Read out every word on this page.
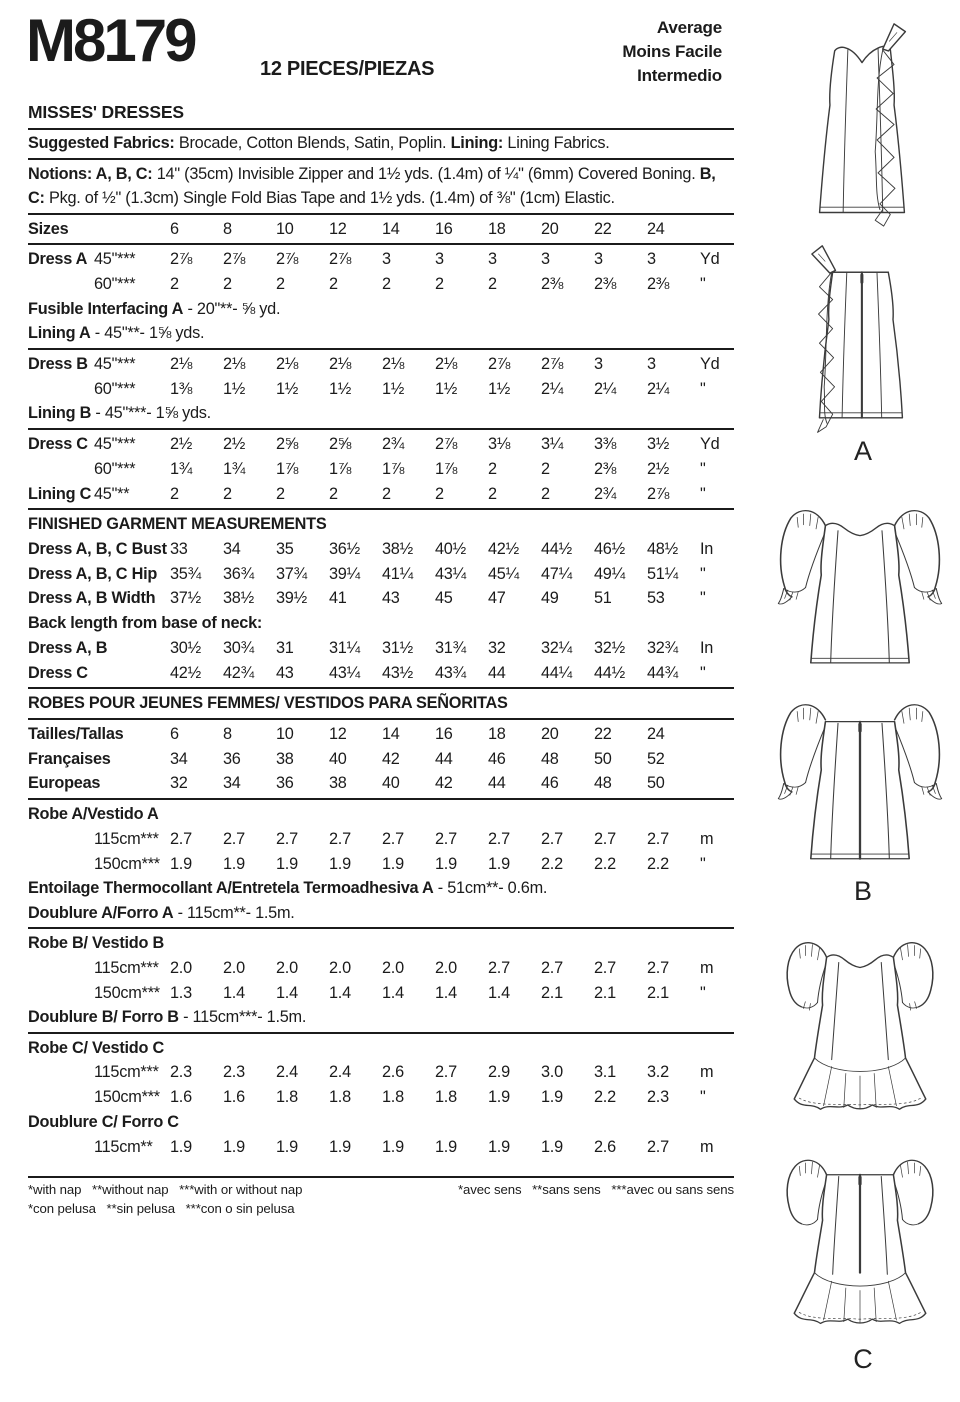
M8179	12 PIECES/PIEZAS
Average
Moins Facile
Intermedio
MISSES' DRESSES
Suggested Fabrics: Brocade, Cotton Blends, Satin, Poplin. Lining: Lining Fabrics.
Notions: A, B, C: 14" (35cm) Invisible Zipper and 1½ yds. (1.4m) of ¼" (6mm) Covered Boning. B, C: Pkg. of ½" (1.3cm) Single Fold Bias Tape and 1½ yds. (1.4m) of ⅜" (1cm) Elastic.
Sizes	6	8	10	12	14	16	18	20	22	24
Dress A 45"***	2⅞	2⅞	2⅞	2⅞	3	3	3	3	3	3	Yd
60"***	2	2	2	2	2	2	2	2⅜	2⅜	2⅜	"
Fusible Interfacing A - 20"**- ⅝ yd.
Lining A - 45"**- 1⅝ yds.
Dress B 45"***	2⅛	2⅛	2⅛	2⅛	2⅛	2⅛	2⅞	2⅞	3	3	Yd
60"***	1⅜	1½	1½	1½	1½	1½	1½	2¼	2¼	2¼	"
Lining B - 45"***- 1⅝ yds.
Dress C 45"***	2½	2½	2⅝	2⅝	2¾	2⅞	3⅛	3¼	3⅜	3½	Yd
60"***	1¾	1¾	1⅞	1⅞	1⅞	1⅞	2	2	2⅜	2½	"
Lining C 45"**	2	2	2	2	2	2	2	2	2¾	2⅞	"
FINISHED GARMENT MEASUREMENTS
Dress A, B, C Bust 33	34	35	36½	38½	40½	42½	44½	46½	48½	In
Dress A, B, C Hip 35¾	36¾	37¾	39¼	41¼	43¼	45¼	47¼	49¼	51¼	"
Dress A, B Width 37½	38½	39½	41	43	45	47	49	51	53	"
Back length from base of neck:
Dress A, B	30½	30¾	31	31¼	31½	31¾	32	32¼	32½	32¾	In
Dress C	42½	42¾	43	43¼	43½	43¾	44	44¼	44½	44¾	"
ROBES POUR JEUNES FEMMES/ VESTIDOS PARA SEÑORITAS
Tailles/Tallas	6	8	10	12	14	16	18	20	22	24
Françaises	34	36	38	40	42	44	46	48	50	52
Europeas	32	34	36	38	40	42	44	46	48	50
Robe A/Vestido A
115cm*** 2.7	2.7	2.7	2.7	2.7	2.7	2.7	2.7	2.7	2.7	m
150cm*** 1.9	1.9	1.9	1.9	1.9	1.9	1.9	2.2	2.2	2.2	"
Entoilage Thermocollant A/Entretela Termoadhesiva A - 51cm**- 0.6m.
Doublure A/Forro A - 115cm**- 1.5m.
Robe B/ Vestido B
115cm*** 2.0	2.0	2.0	2.0	2.0	2.0	2.7	2.7	2.7	2.7	m
150cm*** 1.3	1.4	1.4	1.4	1.4	1.4	1.4	2.1	2.1	2.1	"
Doublure B/ Forro B - 115cm***- 1.5m.
Robe C/ Vestido C
115cm*** 2.3	2.3	2.4	2.4	2.6	2.7	2.9	3.0	3.1	3.2	m
150cm*** 1.6	1.6	1.8	1.8	1.8	1.8	1.9	1.9	2.2	2.3	"
Doublure C/ Forro C
115cm**	1.9	1.9	1.9	1.9	1.9	1.9	1.9	1.9	2.6	2.7	m
*with nap   **without nap   ***with or without nap	*avec sens   **sans sens   ***avec ou sans sens
*con pelusa   **sin pelusa   ***con o sin pelusa
A
B
C
